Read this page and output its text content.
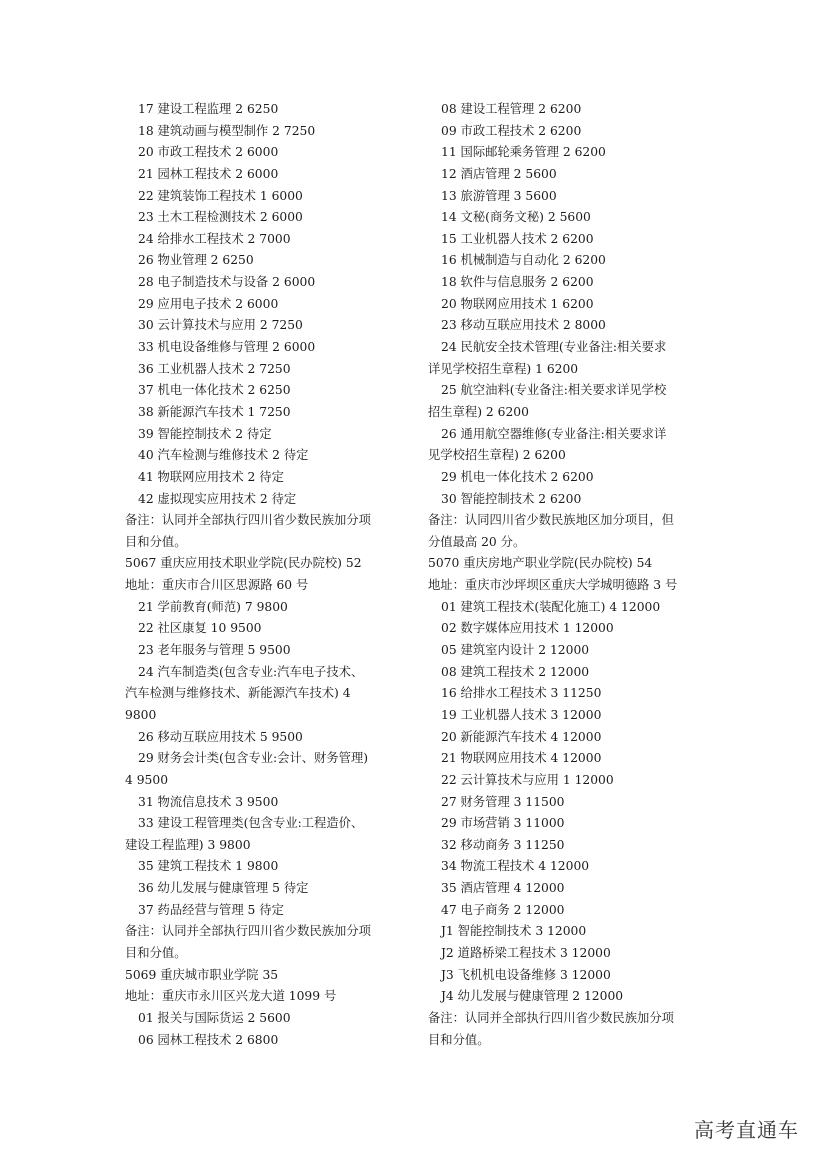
17 建设工程监理 2 6250
18 建筑动画与模型制作 2 7250
20 市政工程技术 2 6000
21 园林工程技术 2 6000
22 建筑装饰工程技术 1 6000
23 土木工程检测技术 2 6000
24 给排水工程技术 2 7000
26 物业管理 2 6250
28 电子制造技术与设备 2 6000
29 应用电子技术 2 6000
30 云计算技术与应用 2 7250
33 机电设备维修与管理 2 6000
36 工业机器人技术 2 7250
37 机电一体化技术 2 6250
38 新能源汽车技术 1 7250
39 智能控制技术 2 待定
40 汽车检测与维修技术 2 待定
41 物联网应用技术 2 待定
42 虚拟现实应用技术 2 待定
备注：认同并全部执行四川省少数民族加分项
目和分值。
5067 重庆应用技术职业学院(民办院校) 52
地址：重庆市合川区思源路 60 号
21 学前教育(师范) 7 9800
22 社区康复 10 9500
23 老年服务与管理 5 9500
24 汽车制造类(包含专业:汽车电子技术、
汽车检测与维修技术、新能源汽车技术) 4
9800
26 移动互联应用技术 5 9500
29 财务会计类(包含专业:会计、财务管理)
4 9500
31 物流信息技术 3 9500
33 建设工程管理类(包含专业:工程造价、
建设工程监理) 3 9800
35 建筑工程技术 1 9800
36 幼儿发展与健康管理 5 待定
37 药品经营与管理 5 待定
备注：认同并全部执行四川省少数民族加分项
目和分值。
5069 重庆城市职业学院 35
地址：重庆市永川区兴龙大道 1099 号
01 报关与国际货运 2 5600
06 园林工程技术 2 6800
08 建设工程管理 2 6200
09 市政工程技术 2 6200
11 国际邮轮乘务管理 2 6200
12 酒店管理 2 5600
13 旅游管理 3 5600
14 文秘(商务文秘) 2 5600
15 工业机器人技术 2 6200
16 机械制造与自动化 2 6200
18 软件与信息服务 2 6200
20 物联网应用技术 1 6200
23 移动互联应用技术 2 8000
24 民航安全技术管理(专业备注:相关要求
详见学校招生章程) 1 6200
25 航空油料(专业备注:相关要求详见学校
招生章程) 2 6200
26 通用航空器维修(专业备注:相关要求详
见学校招生章程) 2 6200
29 机电一体化技术 2 6200
30 智能控制技术 2 6200
备注：认同四川省少数民族地区加分项目，但
分值最高 20 分。
5070 重庆房地产职业学院(民办院校) 54
地址：重庆市沙坪坝区重庆大学城明德路 3 号
01 建筑工程技术(装配化施工) 4 12000
02 数字媒体应用技术 1 12000
05 建筑室内设计 2 12000
08 建筑工程技术 2 12000
16 给排水工程技术 3 11250
19 工业机器人技术 3 12000
20 新能源汽车技术 4 12000
21 物联网应用技术 4 12000
22 云计算技术与应用 1 12000
27 财务管理 3 11500
29 市场营销 3 11000
32 移动商务 3 11250
34 物流工程技术 4 12000
35 酒店管理 4 12000
47 电子商务 2 12000
J1 智能控制技术 3 12000
J2 道路桥梁工程技术 3 12000
J3 飞机机电设备维修 3 12000
J4 幼儿发展与健康管理 2 12000
备注：认同并全部执行四川省少数民族加分项
目和分值。
高考直通车
